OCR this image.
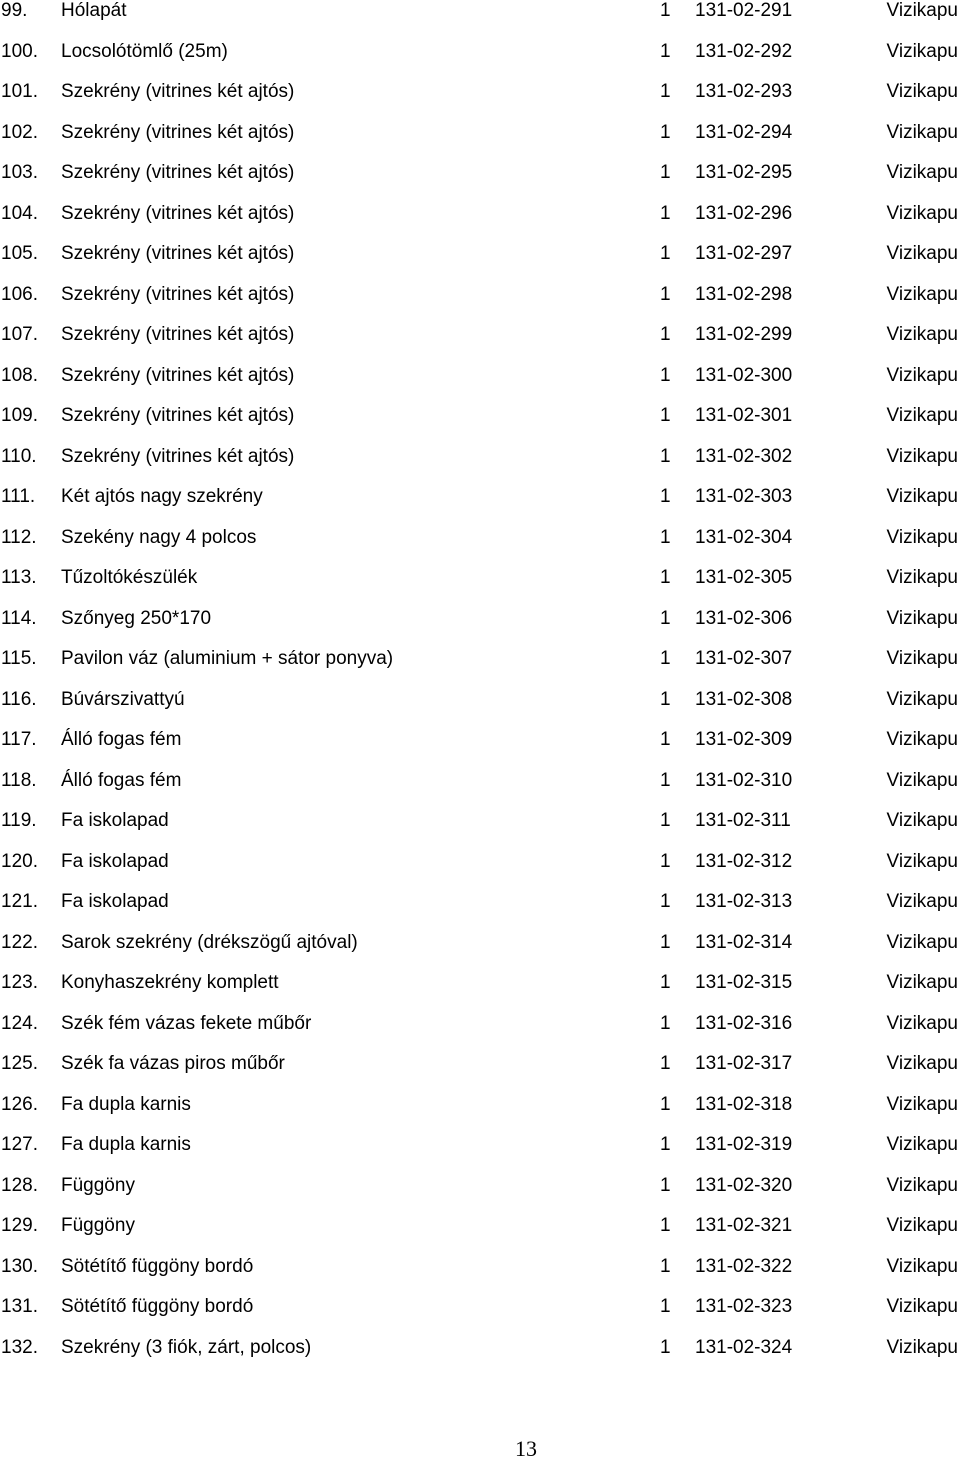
99. Hólapát	1 131-02-291	Vizikapu
100. Locsolótömlő (25m)	1 131-02-292	Vizikapu
101. Szekrény (vitrines két ajtós)	1 131-02-293	Vizikapu
102. Szekrény (vitrines két ajtós)	1 131-02-294	Vizikapu
103. Szekrény (vitrines két ajtós)	1 131-02-295	Vizikapu
104. Szekrény (vitrines két ajtós)	1 131-02-296	Vizikapu
105. Szekrény (vitrines két ajtós)	1 131-02-297	Vizikapu
106. Szekrény (vitrines két ajtós)	1 131-02-298	Vizikapu
107. Szekrény (vitrines két ajtós)	1 131-02-299	Vizikapu
108. Szekrény (vitrines két ajtós)	1 131-02-300	Vizikapu
109. Szekrény (vitrines két ajtós)	1 131-02-301	Vizikapu
110. Szekrény (vitrines két ajtós)	1 131-02-302	Vizikapu
111. Két ajtós nagy szekrény	1 131-02-303	Vizikapu
112. Szekény nagy 4 polcos	1 131-02-304	Vizikapu
113. Tűzoltókészülék	1 131-02-305	Vizikapu
114. Szőnyeg 250*170	1 131-02-306	Vizikapu
115. Pavilon váz (aluminium + sátor ponyva)	1 131-02-307	Vizikapu
116. Búvárszivattyú	1 131-02-308	Vizikapu
117. Álló fogas fém	1 131-02-309	Vizikapu
118. Álló fogas fém	1 131-02-310	Vizikapu
119. Fa iskolapad	1 131-02-311	Vizikapu
120. Fa iskolapad	1 131-02-312	Vizikapu
121. Fa iskolapad	1 131-02-313	Vizikapu
122. Sarok szekrény (drékszögű ajtóval)	1 131-02-314	Vizikapu
123. Konyhaszekrény komplett	1 131-02-315	Vizikapu
124. Szék fém vázas fekete műbőr	1 131-02-316	Vizikapu
125. Szék fa vázas piros műbőr	1 131-02-317	Vizikapu
126. Fa dupla karnis	1 131-02-318	Vizikapu
127. Fa dupla karnis	1 131-02-319	Vizikapu
128. Függöny	1 131-02-320	Vizikapu
129. Függöny	1 131-02-321	Vizikapu
130. Sötétítő függöny bordó	1 131-02-322	Vizikapu
131. Sötétítő függöny bordó	1 131-02-323	Vizikapu
132. Szekrény (3 fiók, zárt, polcos)	1 131-02-324	Vizikapu
13
